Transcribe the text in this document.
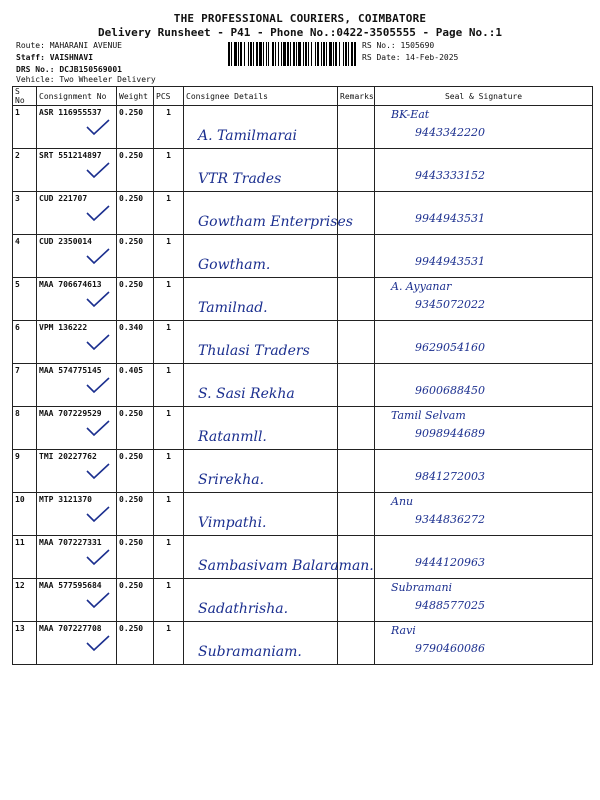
THE PROFESSIONAL COURIERS, COIMBATORE
Delivery Runsheet - P41 - Phone No.:0422-3505555 - Page No.:1
Route: MAHARANI AVENUE
Staff: VAISHNAVI
DRS No.: DCJB150569001
Vehicle: Two Wheeler Delivery
RS No.: 1505690
RS Date: 14-Feb-2025
S No	Consignment No	Weight	PCS	Consignee Details	Remarks	Seal & Signature
1	ASR 116955537	0.250	1	A. Tamilmarai		BK-Eat
9443342220

2	SRT 551214897	0.250	1	VTR Trades		9443333152

3	CUD 221707	0.250	1	Gowtham Enterprises		9944943531

4	CUD 2350014	0.250	1	Gowtham.		9944943531

5	MAA 706674613	0.250	1	Tamilnad.		A. Ayyanar
9345072022

6	VPM 136222	0.340	1	Thulasi Traders		9629054160

7	MAA 574775145	0.405	1	S. Sasi Rekha		9600688450

8	MAA 707229529	0.250	1	Ratanmll.		Tamil Selvam
9098944689

9	TMI 20227762	0.250	1	Srirekha.		9841272003

10	MTP 3121370	0.250	1	Vimpathi.		Anu
9344836272

11	MAA 707227331	0.250	1	Sambasivam Balaraman.		9444120963

12	MAA 577595684	0.250	1	Sadathrisha.		Subramani
9488577025

13	MAA 707227708	0.250	1	Subramaniam.		Ravi
9790460086
